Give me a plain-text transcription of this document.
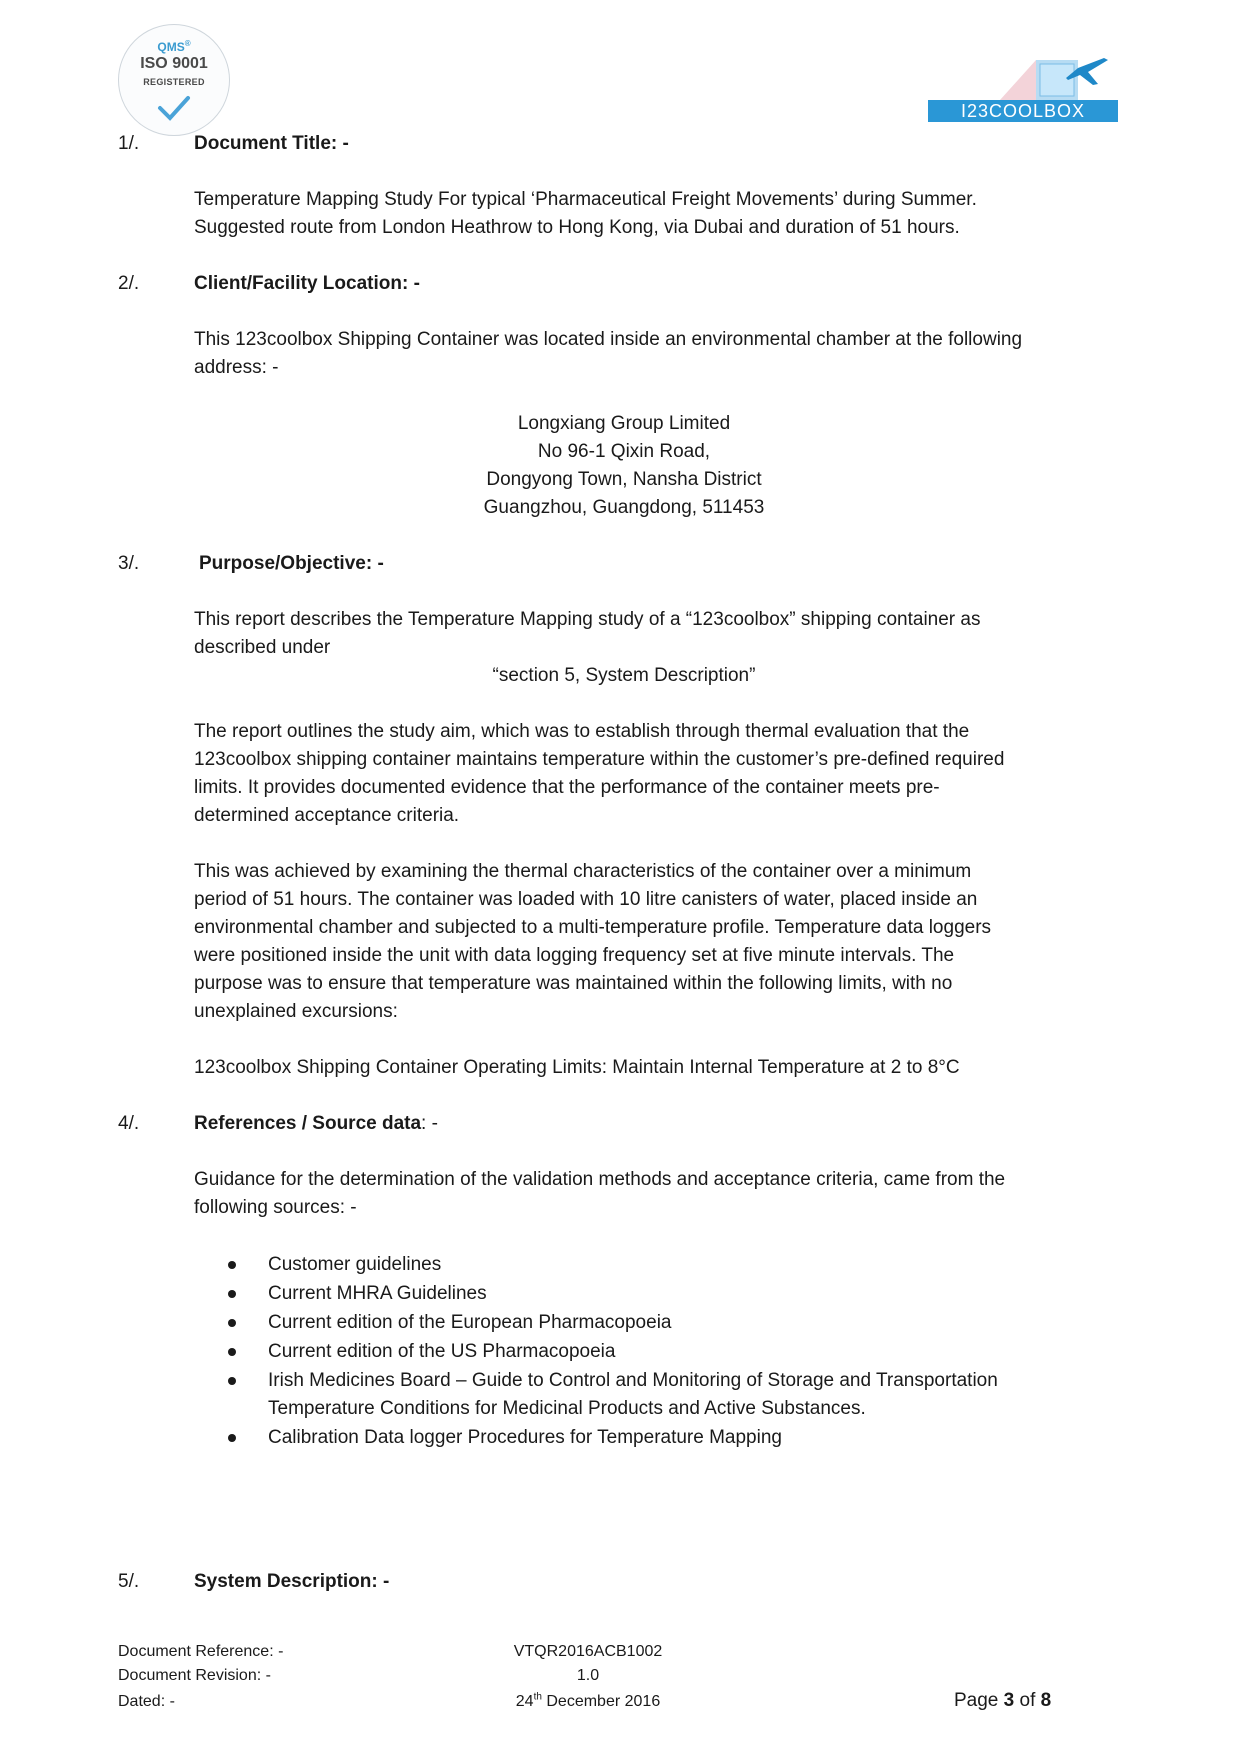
QMS®
ISO 9001
REGISTERED
I23COOLBOX
1/.	Document Title: -
Temperature Mapping Study For typical ‘Pharmaceutical Freight Movements’ during Summer.
Suggested route from London Heathrow to Hong Kong, via Dubai and duration of 51 hours.
2/.	Client/Facility Location: -
This 123coolbox Shipping Container was located inside an environmental chamber at the following
address: -
Longxiang Group Limited
No 96-1 Qixin Road,
Dongyong Town, Nansha District
Guangzhou, Guangdong, 511453
3/.	Purpose/Objective: -
This report describes the Temperature Mapping study of a “123coolbox” shipping container as
described under
“section 5, System Description”
The report outlines the study aim, which was to establish through thermal evaluation that the
123coolbox shipping container maintains temperature within the customer’s pre-defined required
limits. It provides documented evidence that the performance of the container meets pre-
determined acceptance criteria.
This was achieved by examining the thermal characteristics of the container over a minimum
period of 51 hours. The container was loaded with 10 litre canisters of water, placed inside an
environmental chamber and subjected to a multi-temperature profile. Temperature data loggers
were positioned inside the unit with data logging frequency set at five minute intervals. The
purpose was to ensure that temperature was maintained within the following limits, with no
unexplained excursions:
123coolbox Shipping Container Operating Limits: Maintain Internal Temperature at 2 to 8°C
4/.	References / Source data: -
Guidance for the determination of the validation methods and acceptance criteria, came from the
following sources: -
Customer guidelines
Current MHRA Guidelines
Current edition of the European Pharmacopoeia
Current edition of the US Pharmacopoeia
Irish Medicines Board – Guide to Control and Monitoring of Storage and Transportation
Temperature Conditions for Medicinal Products and Active Substances.
Calibration Data logger Procedures for Temperature Mapping
5/.	System Description: -
Document Reference: -	VTQR2016ACB1002
Document Revision: -	1.0
Dated: -	24th December 2016	Page 3 of 8
